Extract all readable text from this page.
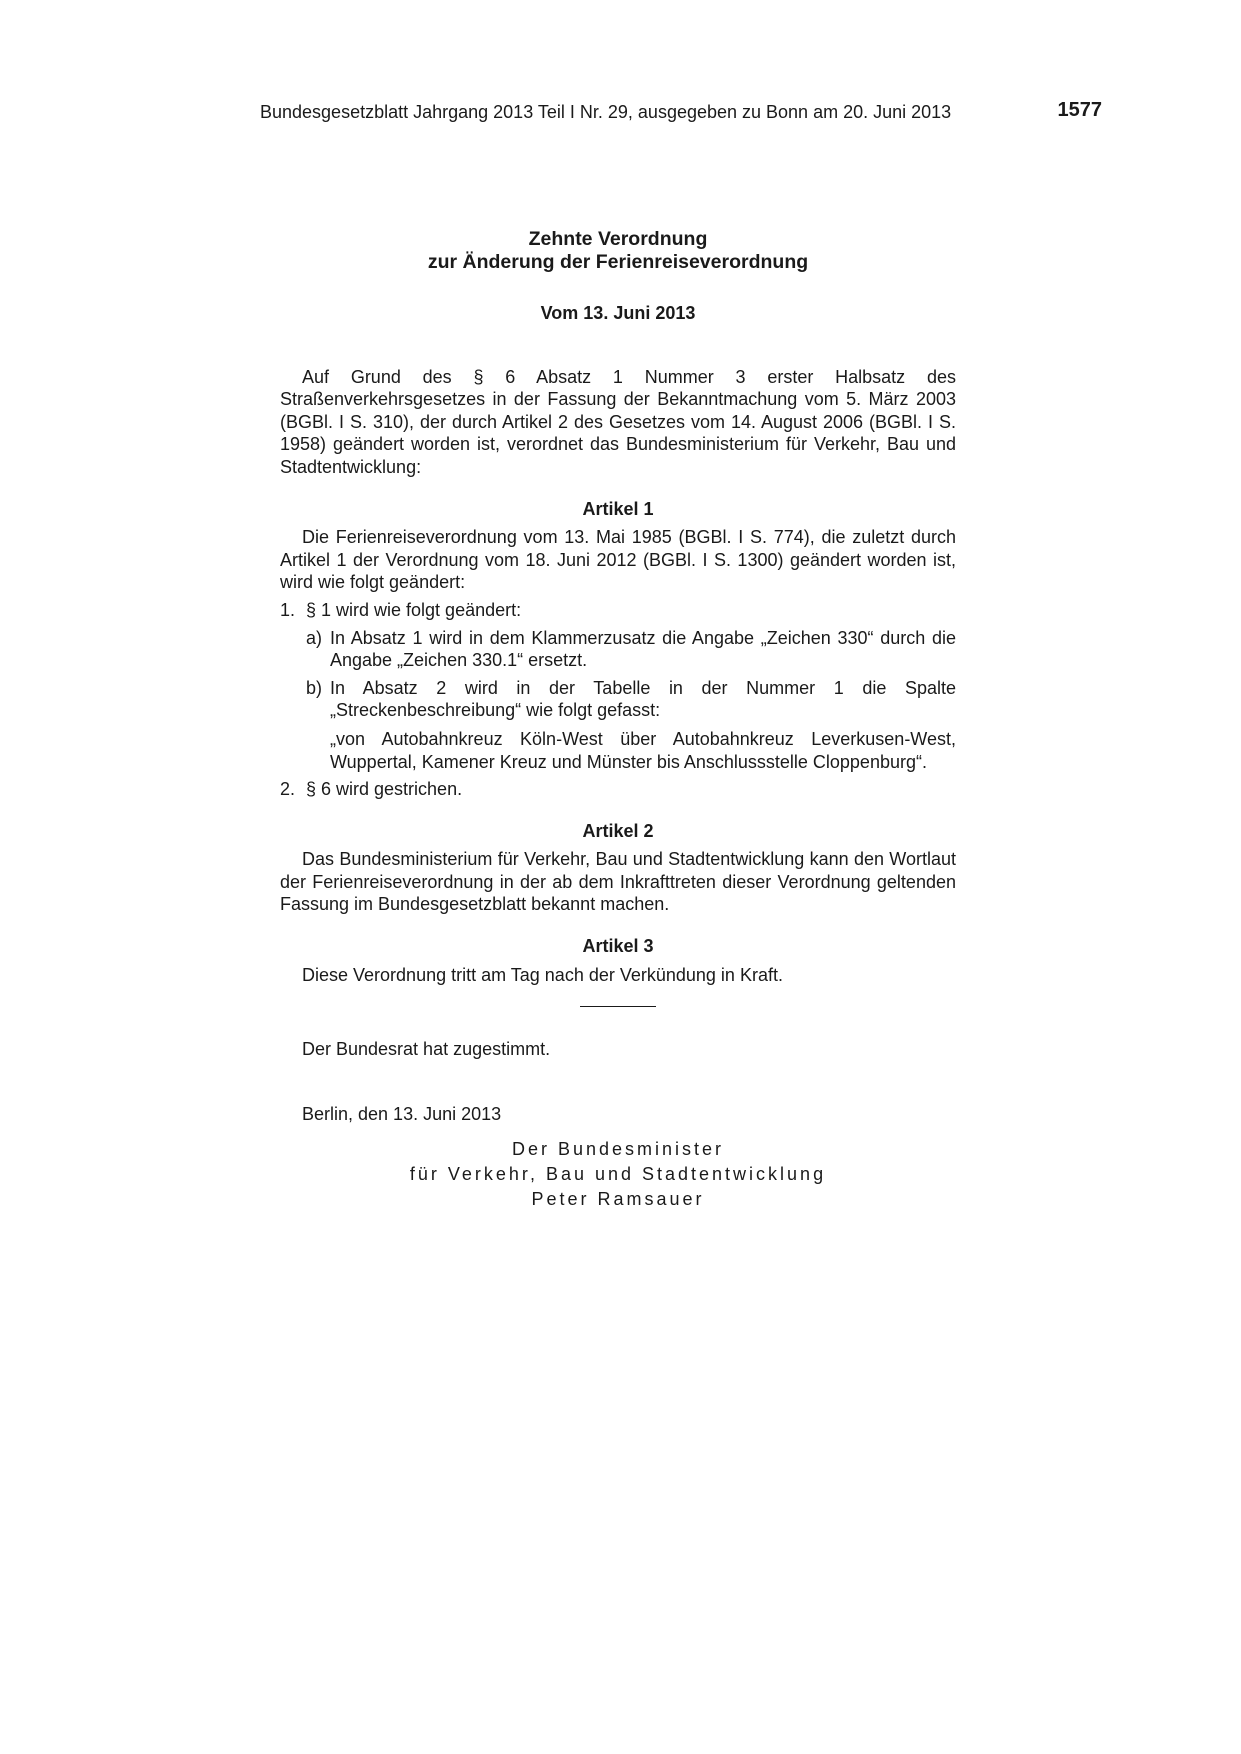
Bundesgesetzblatt Jahrgang 2013 Teil I Nr. 29, ausgegeben zu Bonn am 20. Juni 2013	1577
Zehnte Verordnung
zur Änderung der Ferienreiseverordnung
Vom 13. Juni 2013

Auf Grund des § 6 Absatz 1 Nummer 3 erster Halbsatz des Straßenverkehrsgesetzes in der Fassung der Bekanntmachung vom 5. März 2003 (BGBl. I S. 310), der durch Artikel 2 des Gesetzes vom 14. August 2006 (BGBl. I S. 1958) geändert worden ist, verordnet das Bundesministerium für Verkehr, Bau und Stadtentwicklung:

Artikel 1

Die Ferienreiseverordnung vom 13. Mai 1985 (BGBl. I S. 774), die zuletzt durch Artikel 1 der Verordnung vom 18. Juni 2012 (BGBl. I S. 1300) geändert worden ist, wird wie folgt geändert:

1. § 1 wird wie folgt geändert:
a) In Absatz 1 wird in dem Klammerzusatz die Angabe „Zeichen 330“ durch die Angabe „Zeichen 330.1“ ersetzt.
b) In Absatz 2 wird in der Tabelle in der Nummer 1 die Spalte „Streckenbeschreibung“ wie folgt gefasst:

„von Autobahnkreuz Köln-West über Autobahnkreuz Leverkusen-West, Wuppertal, Kamener Kreuz und Münster bis Anschlussstelle Cloppenburg“.

2. § 6 wird gestrichen.
Artikel 2

Das Bundesministerium für Verkehr, Bau und Stadtentwicklung kann den Wortlaut der Ferienreiseverordnung in der ab dem Inkrafttreten dieser Verordnung geltenden Fassung im Bundesgesetzblatt bekannt machen.

Artikel 3

Diese Verordnung tritt am Tag nach der Verkündung in Kraft.

Der Bundesrat hat zugestimmt.

Berlin, den 13. Juni 2013

Der Bundesminister
für Verkehr, Bau und Stadtentwicklung
Peter Ramsauer
